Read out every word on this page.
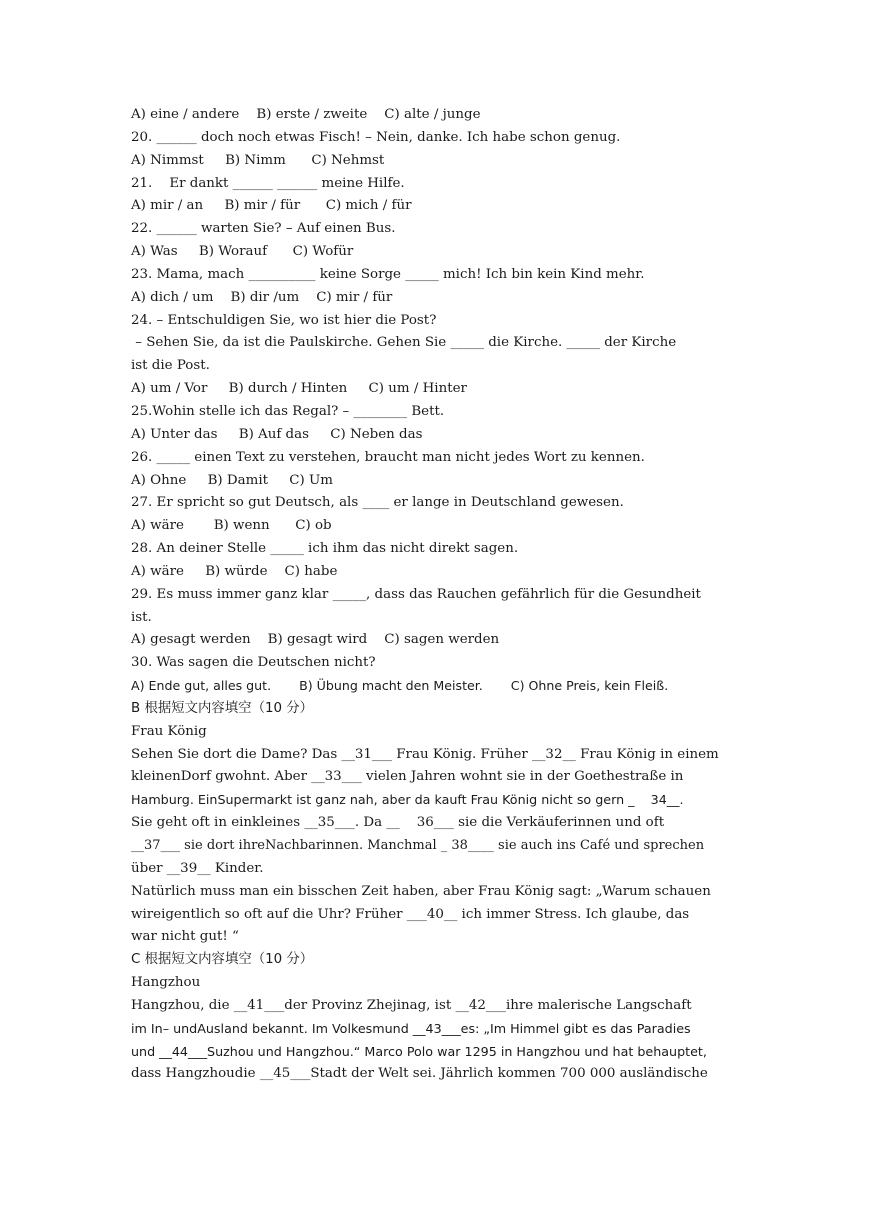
A) eine / andere    B) erste / zweite    C) alte / junge
20. ______ doch noch etwas Fisch! – Nein, danke. Ich habe schon genug.
A) Nimmst     B) Nimm      C) Nehmst
21.    Er dankt ______ ______ meine Hilfe.
A) mir / an     B) mir / für      C) mich / für
22. ______ warten Sie? – Auf einen Bus.
A) Was     B) Worauf      C) Wofür
23. Mama, mach __________ keine Sorge _____ mich! Ich bin kein Kind mehr.
A) dich / um    B) dir /um    C) mir / für
24. – Entschuldigen Sie, wo ist hier die Post?
– Sehen Sie, da ist die Paulskirche. Gehen Sie _____ die Kirche. _____ der Kirche
ist die Post.
A) um / Vor     B) durch / Hinten     C) um / Hinter
25.Wohin stelle ich das Regal? – ________ Bett.
A) Unter das     B) Auf das     C) Neben das
26. _____ einen Text zu verstehen, braucht man nicht jedes Wort zu kennen.
A) Ohne     B) Damit     C) Um
27. Er spricht so gut Deutsch, als ____ er lange in Deutschland gewesen.
A) wäre       B) wenn      C) ob
28. An deiner Stelle _____ ich ihm das nicht direkt sagen.
A) wäre     B) würde    C) habe
29. Es muss immer ganz klar _____, dass das Rauchen gefährlich für die Gesundheit
ist.
A) gesagt werden    B) gesagt wird    C) sagen werden
30. Was sagen die Deutschen nicht?
A) Ende gut, alles gut.       B) Übung macht den Meister.       C) Ohne Preis, kein Fleiß.
B 根据短文内容填空（10 分）
Frau König
Sehen Sie dort die Dame? Das __31___ Frau König. Früher __32__ Frau König in einem
kleinenDorf gwohnt. Aber __33___ vielen Jahren wohnt sie in der Goethestraße in
Hamburg. EinSupermarkt ist ganz nah, aber da kauft Frau König nicht so gern _    34__.
Sie geht oft in einkleines __35___. Da __    36___ sie die Verkäuferinnen und oft
__37___ sie dort ihreNachbarinnen. Manchmal _ 38____ sie auch ins Café und sprechen
über __39__ Kinder.
Natürlich muss man ein bisschen Zeit haben, aber Frau König sagt: „Warum schauen
wireigentlich so oft auf die Uhr? Früher ___40__ ich immer Stress. Ich glaube, das
war nicht gut! “
C 根据短文内容填空（10 分）
Hangzhou
Hangzhou, die __41___der Provinz Zhejinag, ist __42___ihre malerische Langschaft
im In– undAusland bekannt. Im Volkesmund __43___es: „Im Himmel gibt es das Paradies
und __44___Suzhou und Hangzhou.“ Marco Polo war 1295 in Hangzhou und hat behauptet,
dass Hangzhoudie __45___Stadt der Welt sei. Jährlich kommen 700 000 ausländische
